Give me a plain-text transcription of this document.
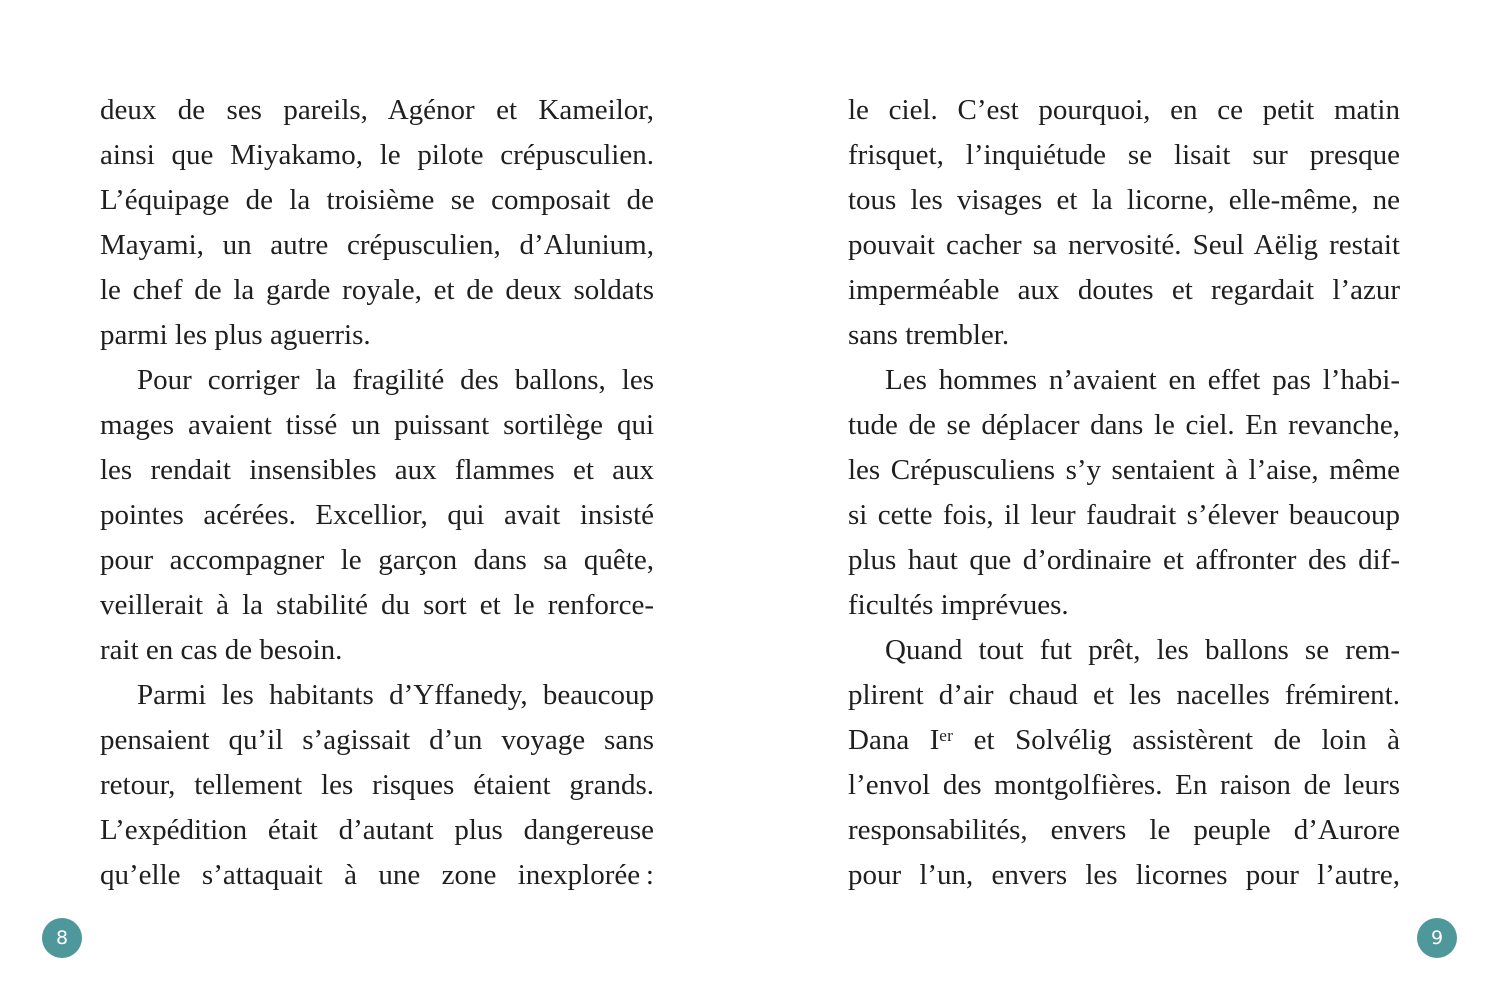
deux de ses pareils, Agénor et Kameilor,
ainsi que Miyakamo, le pilote crépusculien.
L’équipage de la troisième se composait de
Mayami, un autre crépusculien, d’Alunium,
le chef de la garde royale, et de deux soldats
parmi les plus aguerris.
Pour corriger la fragilité des ballons, les
mages avaient tissé un puissant sortilège qui
les rendait insensibles aux flammes et aux
pointes acérées. Excellior, qui avait insisté
pour accompagner le garçon dans sa quête,
veillerait à la stabilité du sort et le renforce-
rait en cas de besoin.
Parmi les habitants d’Yffanedy, beaucoup
pensaient qu’il s’agissait d’un voyage sans
retour, tellement les risques étaient grands.
L’expédition était d’autant plus dangereuse
qu’elle s’attaquait à une zone inexplorée :
le ciel. C’est pourquoi, en ce petit matin
frisquet, l’inquiétude se lisait sur presque
tous les visages et la licorne, elle-même, ne
pouvait cacher sa nervosité. Seul Aëlig restait
imperméable aux doutes et regardait l’azur
sans trembler.
Les hommes n’avaient en effet pas l’habi-
tude de se déplacer dans le ciel. En revanche,
les Crépusculiens s’y sentaient à l’aise, même
si cette fois, il leur faudrait s’élever beaucoup
plus haut que d’ordinaire et affronter des dif-
ficultés imprévues.
Quand tout fut prêt, les ballons se rem-
plirent d’air chaud et les nacelles frémirent.
Dana Iᵉʳ et Solvélig assistèrent de loin à
l’envol des montgolfières. En raison de leurs
responsabilités, envers le peuple d’Aurore
pour l’un, envers les licornes pour l’autre,
8	9
